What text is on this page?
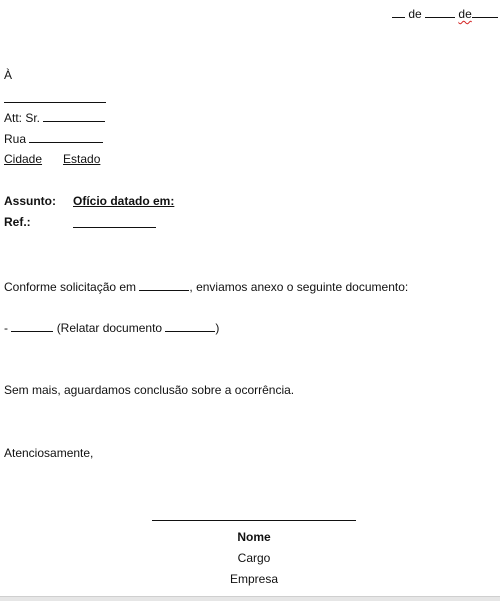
de	de
À
Att: Sr.
Rua
Cidade Estado
Assunto: Ofício datado em:
Ref.:
Conforme solicitação em	, enviamos anexo o seguinte documento:
-	(Relatar documento	)
Sem mais, aguardamos conclusão sobre a ocorrência.
Atenciosamente,
Nome
Cargo
Empresa
